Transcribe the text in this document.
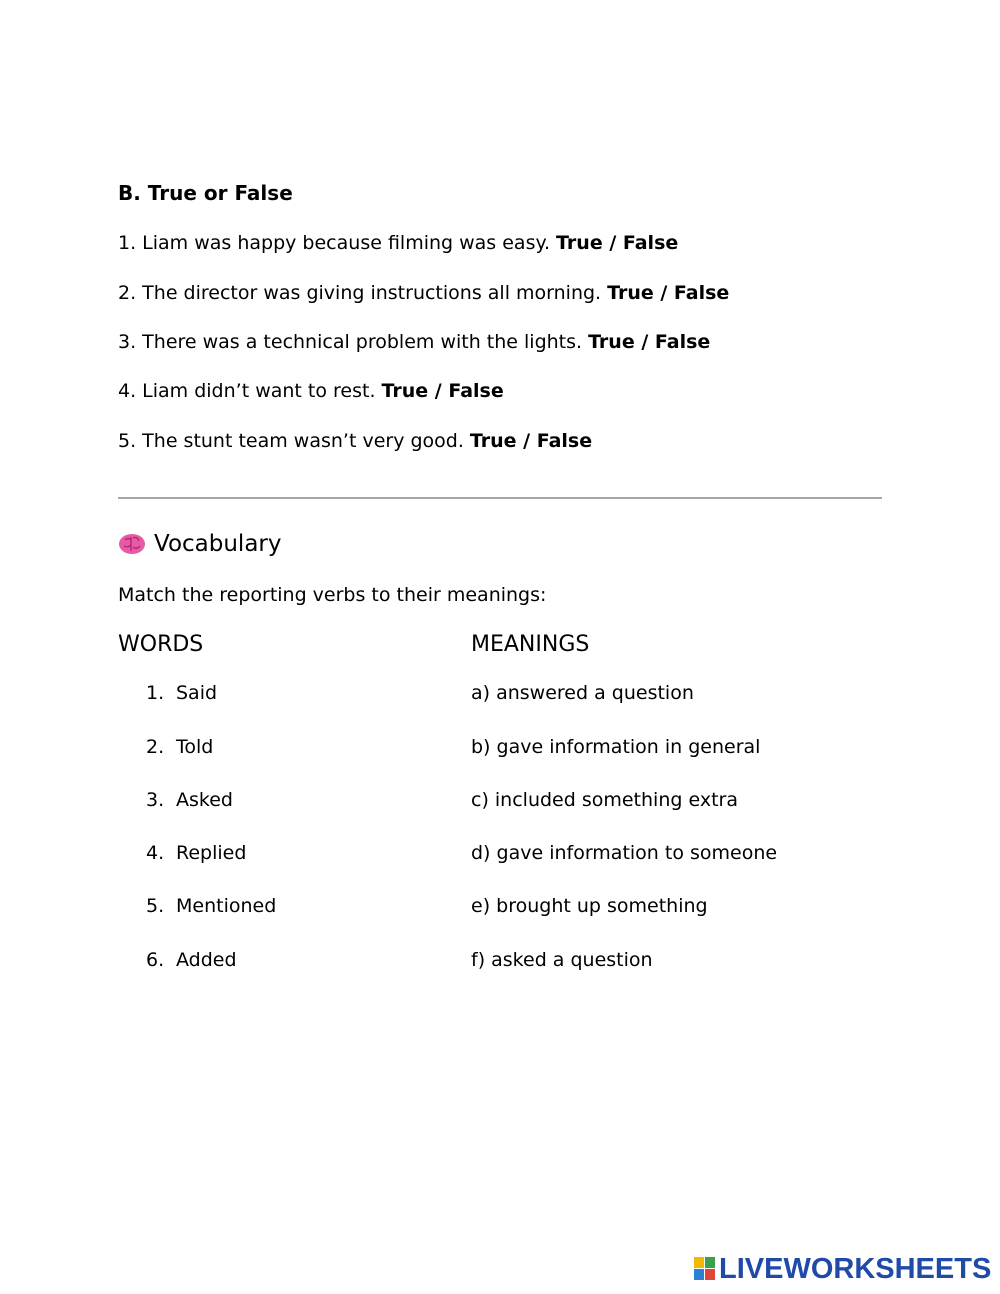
B. True or False
1. Liam was happy because filming was easy. True / False
2. The director was giving instructions all morning. True / False
3. There was a technical problem with the lights. True / False
4. Liam didn’t want to rest. True / False
5. The stunt team wasn’t very good. True / False
Vocabulary
Match the reporting verbs to their meanings:
WORDS	MEANINGS
1. Said
2. Told
3. Asked
4. Replied
5. Mentioned
6. Added
a) answered a question
b) gave information in general
c) included something extra
d) gave information to someone
e) brought up something
f) asked a question
LIVEWORKSHEETS
